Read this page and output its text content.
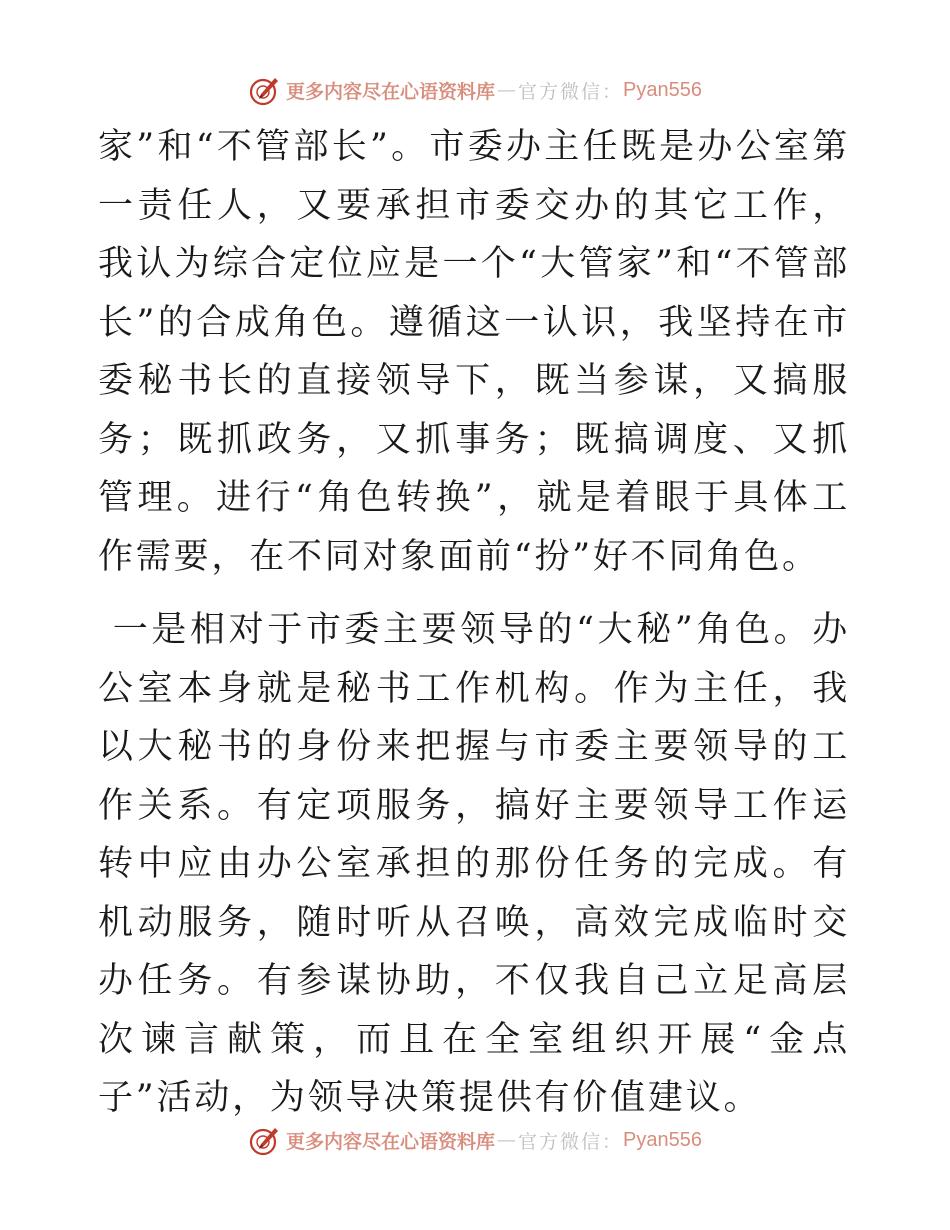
更多内容尽在心语资料库 — 官方微信： Pyan556

家”和“不管部长”。市委办主任既是办公室第一责任人，又要承担市委交办的其它工作，我认为综合定位应是一个“大管家”和“不管部长”的合成角色。遵循这一认识，我坚持在市委秘书长的直接领导下，既当参谋，又搞服务；既抓政务，又抓事务；既搞调度、又抓管理。进行“角色转换”，就是着眼于具体工作需要，在不同对象面前“扮”好不同角色。

一是相对于市委主要领导的“大秘”角色。办公室本身就是秘书工作机构。作为主任，我以大秘书的身份来把握与市委主要领导的工作关系。有定项服务，搞好主要领导工作运转中应由办公室承担的那份任务的完成。有机动服务，随时听从召唤，高效完成临时交办任务。有参谋协助，不仅我自己立足高层次谏言献策，而且在全室组织开展“金点子”活动，为领导决策提供有价值建议。

更多内容尽在心语资料库 — 官方微信： Pyan556
